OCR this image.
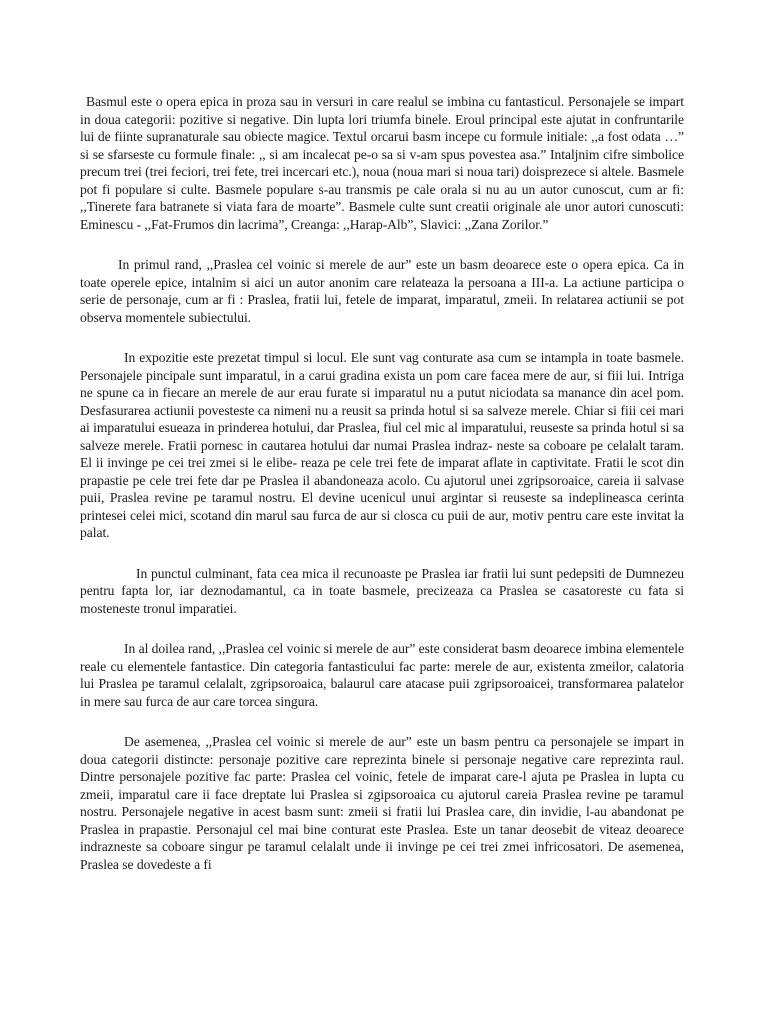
Basmul este o opera epica in proza sau in versuri in care realul se imbina cu fantasticul. Personajele se impart in doua categorii: pozitive si negative. Din lupta lori triumfa binele. Eroul principal este ajutat in confruntarile lui de fiinte supranaturale sau obiecte magice. Textul orcarui basm incepe cu formule initiale: ,,a fost odata …” si se sfarseste cu formule finale: ,, si am incalecat pe-o sa si v-am spus povestea asa.” Intaljnim cifre simbolice precum trei (trei feciori, trei fete, trei incercari etc.), noua (noua mari si noua tari) doisprezece si altele. Basmele pot fi populare si culte. Basmele populare s-au transmis pe cale orala si nu au un autor cunoscut, cum ar fi: ,,Tinerete fara batranete si viata fara de moarte”. Basmele culte sunt creatii originale ale unor autori cunoscuti: Eminescu - ,,Fat-Frumos din lacrima”, Creanga: ,,Harap-Alb”, Slavici: ,,Zana Zorilor.”

In primul rand, ,,Praslea cel voinic si merele de aur” este un basm deoarece este o opera epica. Ca in toate operele epice, intalnim si aici un autor anonim care relateaza la persoana a III-a. La actiune participa o serie de personaje, cum ar fi : Praslea, fratii lui, fetele de imparat, imparatul, zmeii. In relatarea actiunii se pot observa momentele subiectului.

In expozitie este prezetat timpul si locul. Ele sunt vag conturate asa cum se intampla in toate basmele. Personajele pincipale sunt imparatul, in a carui gradina exista un pom care facea mere de aur, si fiii lui. Intriga ne spune ca in fiecare an merele de aur erau furate si imparatul nu a putut niciodata sa manance din acel pom. Desfasurarea actiunii povesteste ca nimeni nu a reusit sa prinda hotul si sa salveze merele. Chiar si fiii cei mari ai imparatului esueaza in prinderea hotului, dar Praslea, fiul cel mic al imparatului, reuseste sa prinda hotul si sa salveze merele. Fratii pornesc in cautarea hotului dar numai Praslea indraz- neste sa coboare pe celalalt taram. El ii invinge pe cei trei zmei si le elibe- reaza pe cele trei fete de imparat aflate in captivitate. Fratii le scot din prapastie pe cele trei fete dar pe Praslea il abandoneaza acolo. Cu ajutorul unei zgripsoroaice, careia ii salvase puii, Praslea revine pe taramul nostru. El devine ucenicul unui argintar si reuseste sa indeplineasca cerinta printesei celei mici, scotand din marul sau furca de aur si closca cu puii de aur, motiv pentru care este invitat la palat.

In punctul culminant, fata cea mica il recunoaste pe Praslea iar fratii lui sunt pedepsiti de Dumnezeu pentru fapta lor, iar deznodamantul, ca in toate basmele, precizeaza ca Praslea se casatoreste cu fata si mosteneste tronul imparatiei.

In al doilea rand, ,,Praslea cel voinic si merele de aur” este considerat basm deoarece imbina elementele reale cu elementele fantastice. Din categoria fantasticului fac parte: merele de aur, existenta zmeilor, calatoria lui Praslea pe taramul celalalt, zgripsoroaica, balaurul care atacase puii zgripsoroaicei, transformarea palatelor in mere sau furca de aur care torcea singura.

De asemenea, ,,Praslea cel voinic si merele de aur” este un basm pentru ca personajele se impart in doua categorii distincte: personaje pozitive care reprezinta binele si personaje negative care reprezinta raul. Dintre personajele pozitive fac parte: Praslea cel voinic, fetele de imparat care-l ajuta pe Praslea in lupta cu zmeii, imparatul care ii face dreptate lui Praslea si zgipsoroaica cu ajutorul careia Praslea revine pe taramul nostru. Personajele negative in acest basm sunt: zmeii si fratii lui Praslea care, din invidie, l-au abandonat pe Praslea in prapastie. Personajul cel mai bine conturat este Praslea. Este un tanar deosebit de viteaz deoarece indrazneste sa coboare singur pe taramul celalalt unde ii invinge pe cei trei zmei infricosatori. De asemenea, Praslea se dovedeste a fi
